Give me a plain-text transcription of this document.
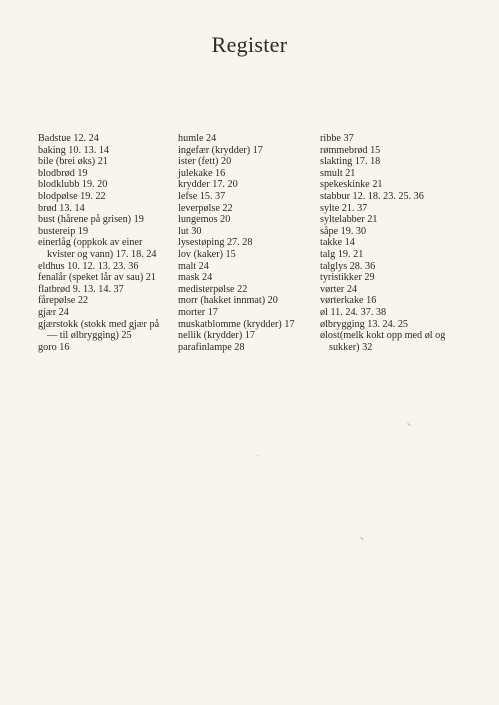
Register
Badstue 12. 24
baking 10. 13. 14
bile (brei øks) 21
blodbrød 19
blodklubb 19. 20
blodpølse 19. 22
brød 13. 14
bust (hårene på grisen) 19
bustereip 19
einerlåg (oppkok av einer
kvister og vann) 17. 18. 24
eldhus 10. 12. 13. 23. 36
fenalår (speket lår av sau) 21
flatbrød 9. 13. 14. 37
fårepølse 22
gjær 24
gjærstokk (stokk med gjær på
— til ølbrygging) 25
goro 16
humle 24
ingefær (krydder) 17
ister (fett) 20
julekake 16
krydder 17. 20
lefse 15. 37
leverpølse 22
lungemos 20
lut 30
lysestøping 27. 28
lov (kaker) 15
malt 24
mask 24
medisterpølse 22
morr (hakket innmat) 20
morter 17
muskatblomme (krydder) 17
nellik (krydder) 17
parafinlampe 28
ribbe 37
rømmebrød 15
slakting 17. 18
smult 21
spekeskinke 21
stabbur 12. 18. 23. 25. 36
sylte 21. 37
syltelabber 21
såpe 19. 30
takke 14
talg 19. 21
talglys 28. 36
tyristikker 29
vørter 24
vørterkake 16
øl 11. 24. 37. 38
ølbrygging 13. 24. 25
ølost(melk kokt opp med øl og
sukker) 32
